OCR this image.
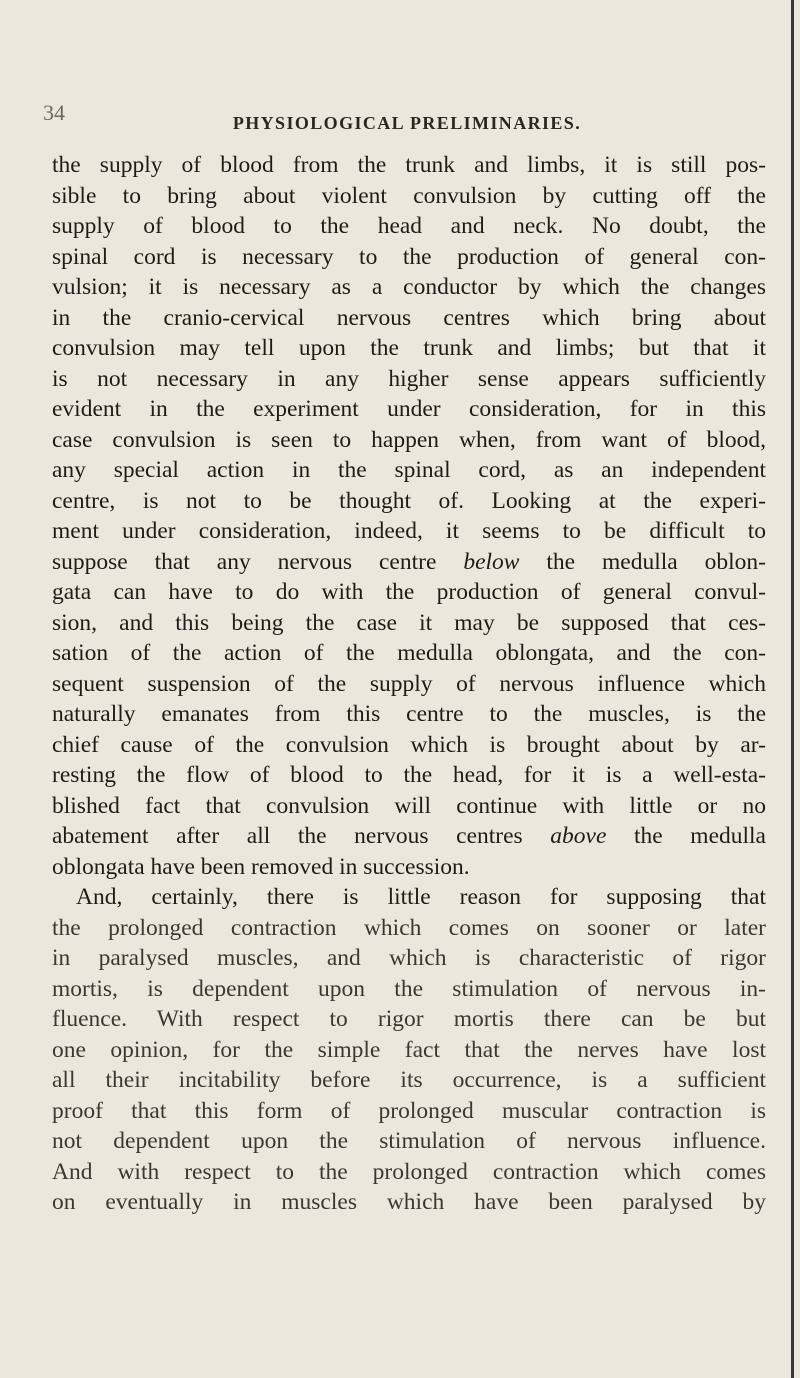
34	PHYSIOLOGICAL PRELIMINARIES.
the supply of blood from the trunk and limbs, it is still pos-
sible to bring about violent convulsion by cutting off the
supply of blood to the head and neck. No doubt, the
spinal cord is necessary to the production of general con-
vulsion; it is necessary as a conductor by which the changes
in the cranio-cervical nervous centres which bring about
convulsion may tell upon the trunk and limbs; but that it
is not necessary in any higher sense appears sufficiently
evident in the experiment under consideration, for in this
case convulsion is seen to happen when, from want of blood,
any special action in the spinal cord, as an independent
centre, is not to be thought of. Looking at the experi-
ment under consideration, indeed, it seems to be difficult to
suppose that any nervous centre below the medulla oblon-
gata can have to do with the production of general convul-
sion, and this being the case it may be supposed that ces-
sation of the action of the medulla oblongata, and the con-
sequent suspension of the supply of nervous influence which
naturally emanates from this centre to the muscles, is the
chief cause of the convulsion which is brought about by ar-
resting the flow of blood to the head, for it is a well-esta-
blished fact that convulsion will continue with little or no
abatement after all the nervous centres above the medulla
oblongata have been removed in succession.
And, certainly, there is little reason for supposing that
the prolonged contraction which comes on sooner or later
in paralysed muscles, and which is characteristic of rigor
mortis, is dependent upon the stimulation of nervous in-
fluence. With respect to rigor mortis there can be but
one opinion, for the simple fact that the nerves have lost
all their incitability before its occurrence, is a sufficient
proof that this form of prolonged muscular contraction is
not dependent upon the stimulation of nervous influence.
And with respect to the prolonged contraction which comes
on eventually in muscles which have been paralysed by
